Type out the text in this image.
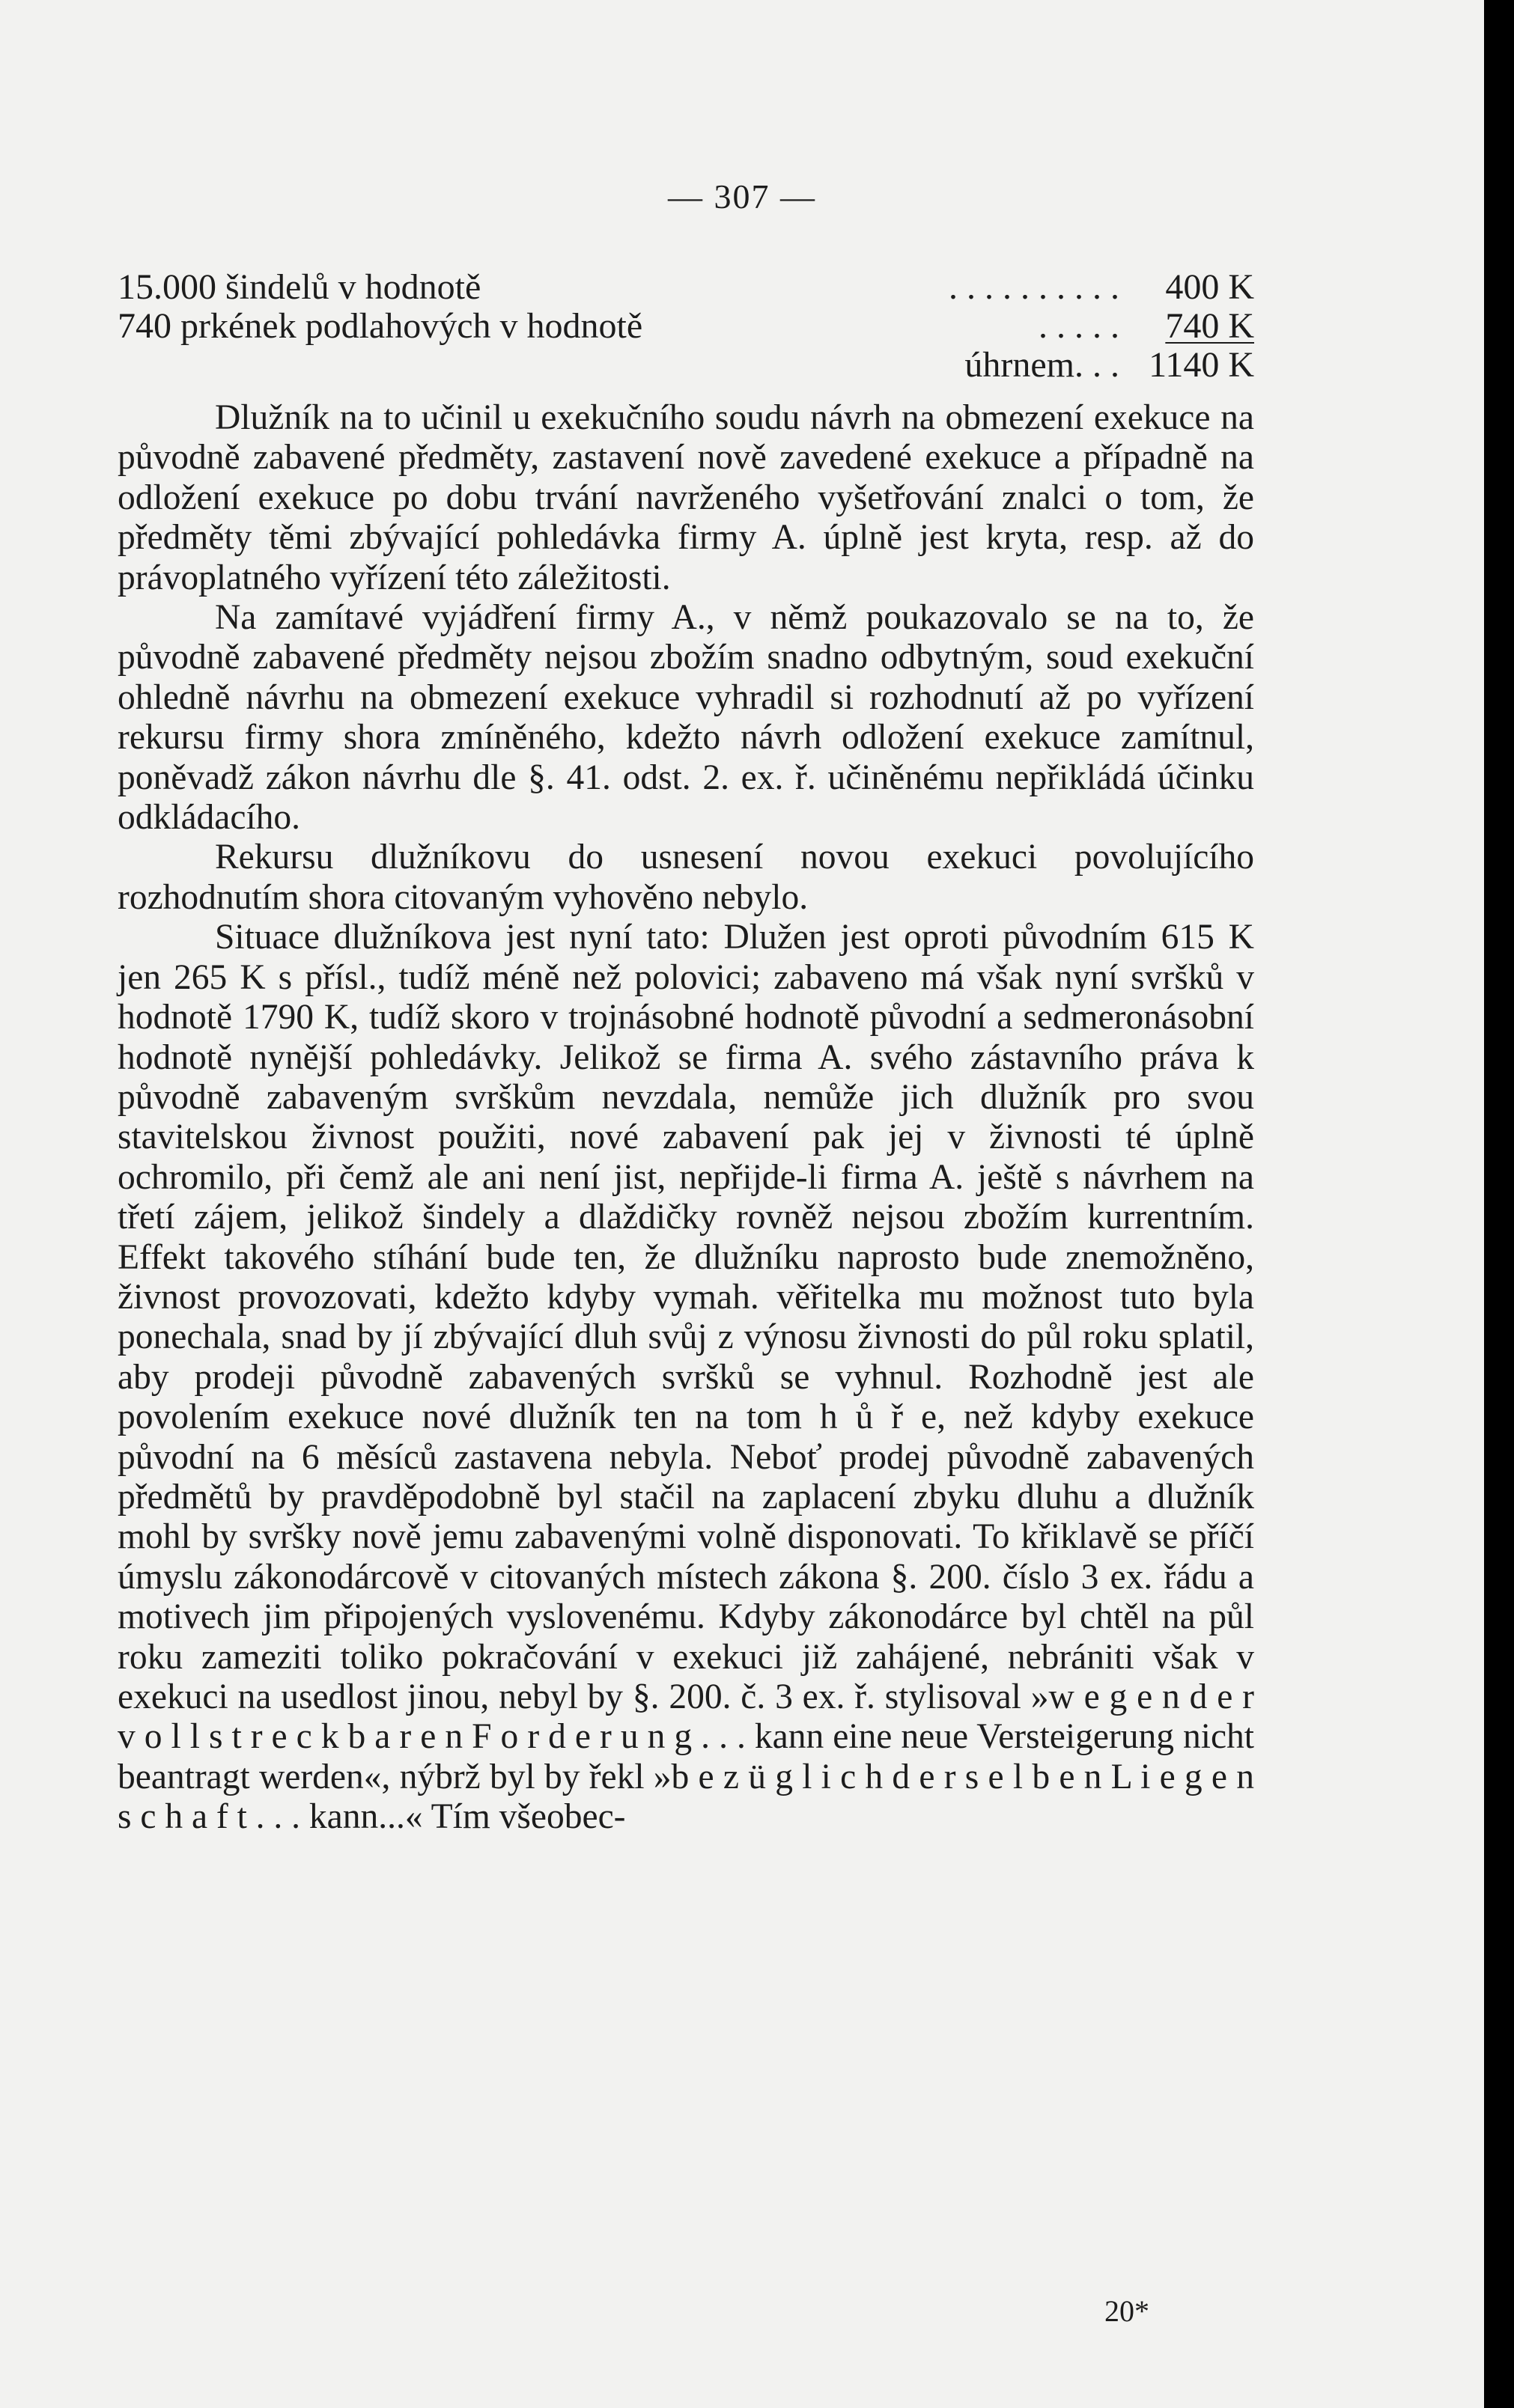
— 307 —
15.000 šindelů v hodnotě	..........	400 K
740 prkének podlahových v hodnotě	.....	740 K
úhrnem ... 1140 K

Dlužník na to učinil u exekučního soudu návrh na obmezení exekuce na původně zabavené předměty, zastavení nově zavedené exekuce a případně na odložení exekuce po dobu trvání navrženého vyšetřování znalci o tom, že předměty těmi zbývající pohledávka firmy A. úplně jest kryta, resp. až do právoplatného vyřízení této záležitosti.

Na zamítavé vyjádření firmy A., v němž poukazovalo se na to, že původně zabavené předměty nejsou zbožím snadno odbytným, soud exekuční ohledně návrhu na obmezení exekuce vyhradil si rozhodnutí až po vyřízení rekursu firmy shora zmíněného, kdežto návrh odložení exekuce zamítnul, poněvadž zákon návrhu dle §. 41. odst. 2. ex. ř. učiněnému nepřikládá účinku odkládacího.

Rekursu dlužníkovu do usnesení novou exekuci povolujícího rozhodnutím shora citovaným vyhověno nebylo.

Situace dlužníkova jest nyní tato: Dlužen jest oproti původním 615 K jen 265 K s přísl., tudíž méně než polovici; zabaveno má však nyní svršků v hodnotě 1790 K, tudíž skoro v trojnásobné hodnotě původní a sedmeronásobní hodnotě nynější pohledávky. Jelikož se firma A. svého zástavního práva k původně zabaveným svrškům nevzdala, nemůže jich dlužník pro svou stavitelskou živnost použiti, nové zabavení pak jej v živnosti té úplně ochromilo, při čemž ale ani není jist, nepřijde-li firma A. ještě s návrhem na třetí zájem, jelikož šindely a dlaždičky rovněž nejsou zbožím kurrentním. Effekt takového stíhání bude ten, že dlužníku naprosto bude znemožněno, živnost provozovati, kdežto kdyby vymah. věřitelka mu možnost tuto byla ponechala, snad by jí zbývající dluh svůj z výnosu živnosti do půl roku splatil, aby prodeji původně zabavených svršků se vyhnul. Rozhodně jest ale povolením exekuce nové dlužník ten na tom h ů ř e, než kdyby exekuce původní na 6 měsíců zastavena nebyla. Neboť prodej původně zabavených předmětů by pravděpodobně byl stačil na zaplacení zbyku dluhu a dlužník mohl by svršky nově jemu zabavenými volně disponovati. To křiklavě se příčí úmyslu zákonodárcově v citovaných místech zákona §. 200. číslo 3 ex. řádu a motivech jim připojených vyslovenému. Kdyby zákonodárce byl chtěl na půl roku zameziti toliko pokračování v exekuci již zahájené, nebrániti však v exekuci na usedlost jinou, nebyl by §. 200. č. 3 ex. ř. stylisoval »w e g e n d e r v o l l s t r e c k b a r e n F o r d e r u n g . . . kann eine neue Versteigerung nicht beantragt werden«, nýbrž byl by řekl »b e z ü g l i c h d e r s e l b e n L i e g e n s c h a f t . . . kann...« Tím všeobec-

20*
